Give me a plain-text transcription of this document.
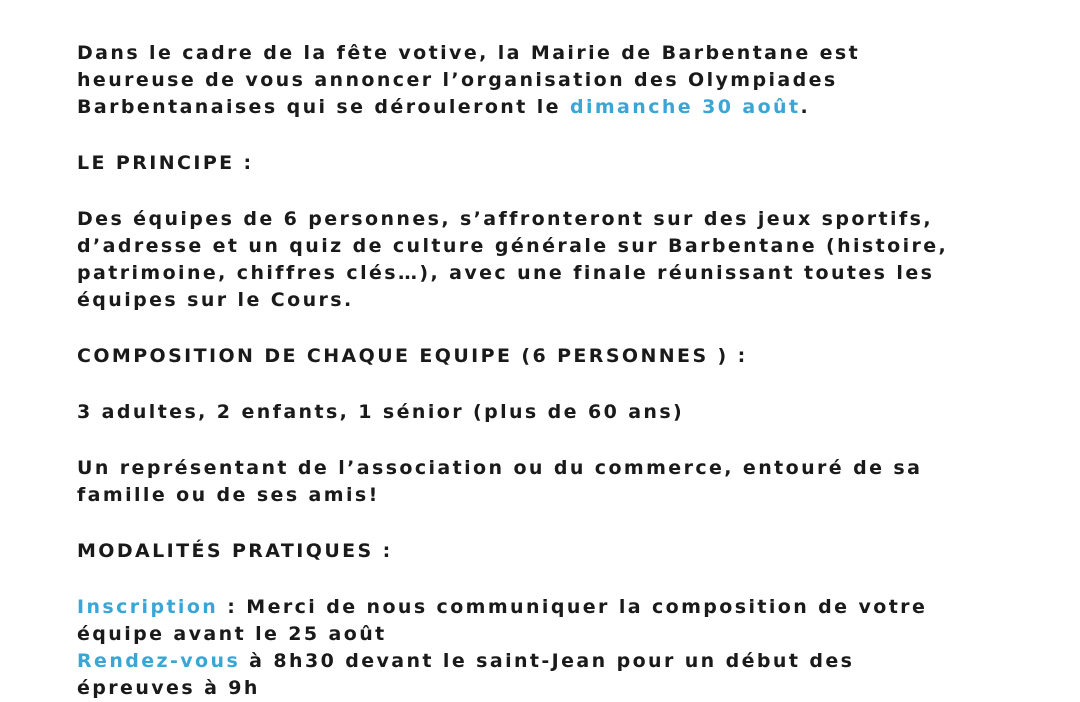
Dans le cadre de la fête votive, la Mairie de Barbentane est
heureuse de vous annoncer l’organisation des Olympiades
Barbentanaises qui se dérouleront le dimanche 30 août.
LE PRINCIPE :
Des équipes de 6 personnes, s’affronteront sur des jeux sportifs,
d’adresse et un quiz de culture générale sur Barbentane (histoire,
patrimoine, chiffres clés…), avec une finale réunissant toutes les
équipes sur le Cours.
COMPOSITION DE CHAQUE EQUIPE (6 PERSONNES ) :
3 adultes, 2 enfants, 1 sénior (plus de 60 ans)
Un représentant de l’association ou du commerce, entouré de sa
famille ou de ses amis!
MODALITÉS PRATIQUES :
Inscription : Merci de nous communiquer la composition de votre
équipe avant le 25 août
Rendez-vous à 8h30 devant le saint-Jean pour un début des
épreuves à 9h
